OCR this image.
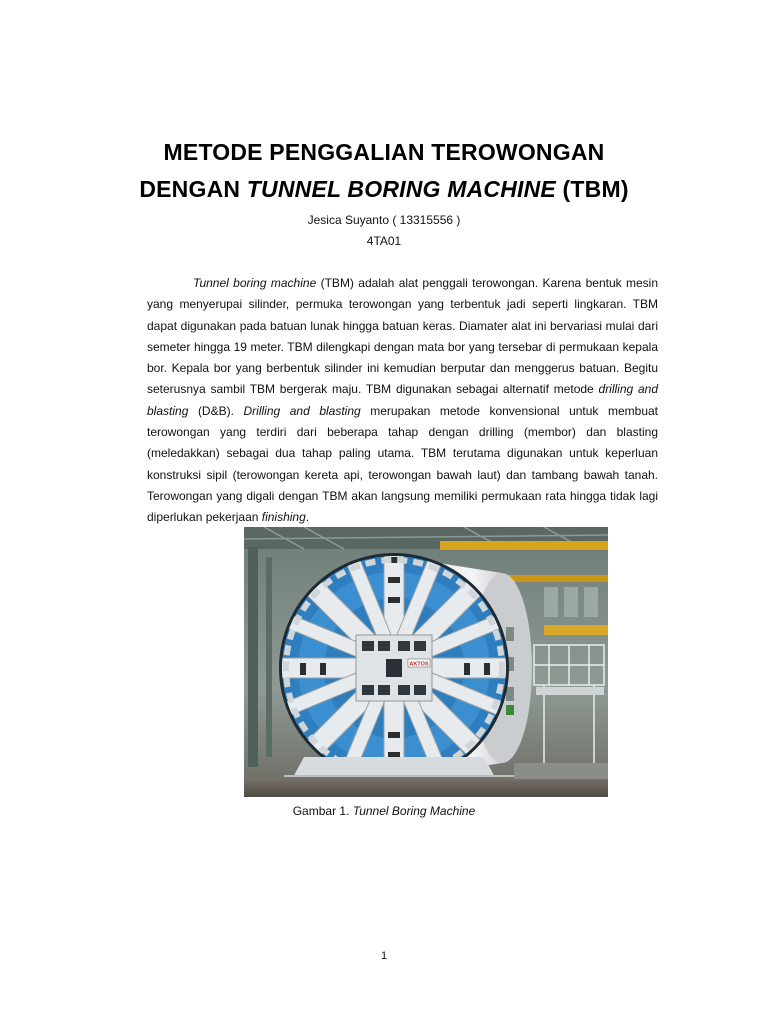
METODE PENGGALIAN TEROWONGAN
DENGAN TUNNEL BORING MACHINE (TBM)

Jesica Suyanto ( 13315556 )

4TA01

Tunnel boring machine (TBM) adalah alat penggali terowongan. Karena bentuk mesin yang menyerupai silinder, permuka terowongan yang terbentuk jadi seperti lingkaran. TBM dapat digunakan pada batuan lunak hingga batuan keras. Diamater alat ini bervariasi mulai dari semeter hingga 19 meter. TBM dilengkapi dengan mata bor yang tersebar di permukaan kepala bor. Kepala bor yang berbentuk silinder ini kemudian berputar dan menggerus batuan. Begitu seterusnya sambil TBM bergerak maju. TBM digunakan sebagai alternatif metode drilling and blasting (D&B). Drilling and blasting merupakan metode konvensional untuk membuat terowongan yang terdiri dari beberapa tahap dengan drilling (membor) dan blasting (meledakkan) sebagai dua tahap paling utama. TBM terutama digunakan untuk keperluan konstruksi sipil (terowongan kereta api, terowongan bawah laut) dan tambang bawah tanah. Terowongan yang digali dengan TBM akan langsung memiliki permukaan rata hingga tidak lagi diperlukan pekerjaan finishing.

AKTOS

Gambar 1. Tunnel Boring Machine

1
